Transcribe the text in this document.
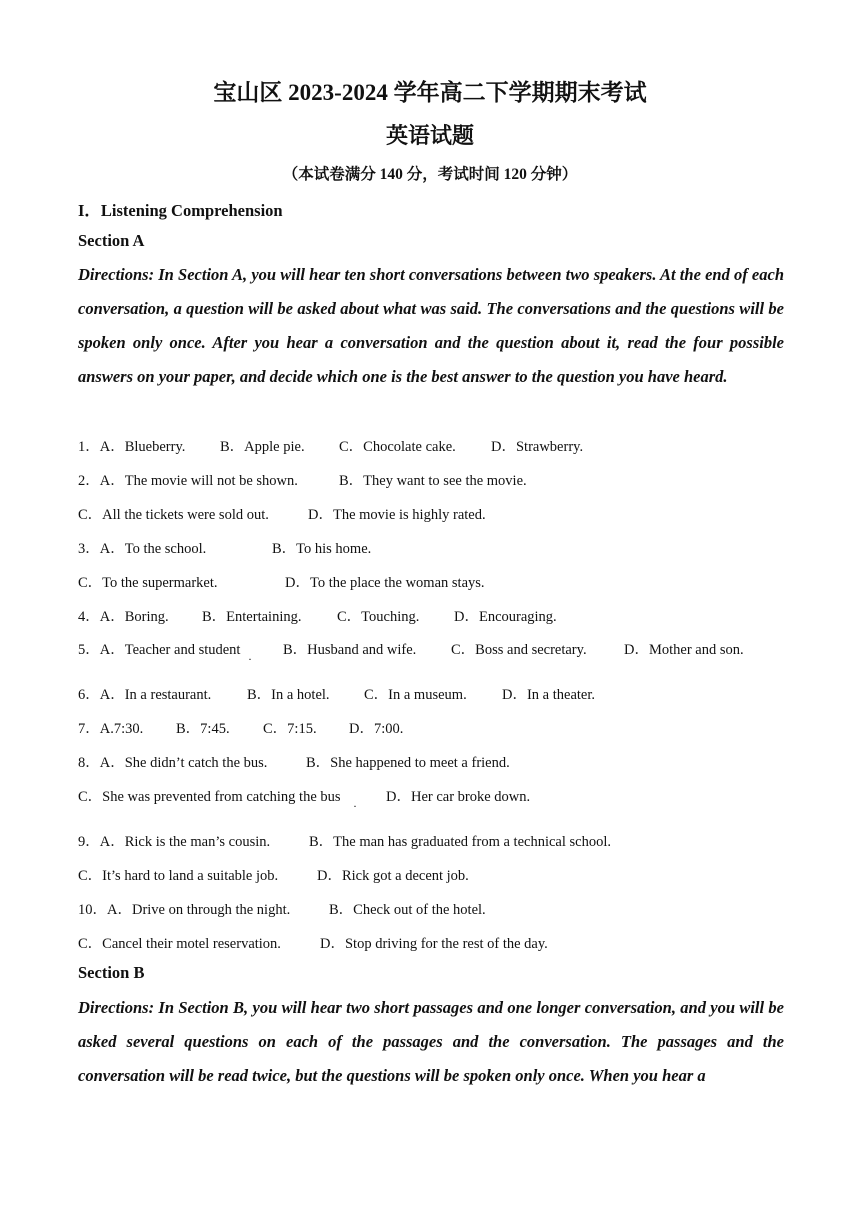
宝山区 2023-2024 学年高二下学期期末考试
英语试题
（本试卷满分 140 分，考试时间 120 分钟）
I．Listening Comprehension
Section A
Directions: In Section A, you will hear ten short conversations between two speakers. At the end of each conversation, a question will be asked about what was said. The conversations and the questions will be spoken only once. After you hear a conversation and the question about it, read the four possible answers on your paper, and decide which one is the best answer to the question you have heard.
1．A．Blueberry. B．Apple pie. C．Chocolate cake. D．Strawberry.
2．A．The movie will not be shown.	B．They want to see the movie.
C．All the tickets were sold out.	D．The movie is highly rated.
3．A．To the school.	B．To his home.
C．To the supermarket.	D．To the place the woman stays.
4．A．Boring. B．Entertaining. C．Touching. D．Encouraging.
5．A．Teacher and student
·
B．Husband and wife. C．Boss and secretary.	D．Mother and son.
6．A．In a restaurant. B．In a hotel. C．In a museum. D．In a theater.
7．A.7:30. B．7:45. C．7:15. D．7:00.
8．A．She didn’t catch the bus.	B．She happened to meet a friend.
C．She was prevented from catching the bus
·
D．Her car broke down.
9．A．Rick is the man’s cousin.	B．The man has graduated from a technical school.
C．It’s hard to land a suitable job.	D．Rick got a decent job.
10．A．Drive on through the night.	B．Check out of the hotel.
C．Cancel their motel reservation.	D．Stop driving for the rest of the day.
Section B
Directions: In Section B, you will hear two short passages and one longer conversation, and you will be asked several questions on each of the passages and the conversation. The passages and the conversation will be read twice, but the questions will be spoken only once. When you hear a
